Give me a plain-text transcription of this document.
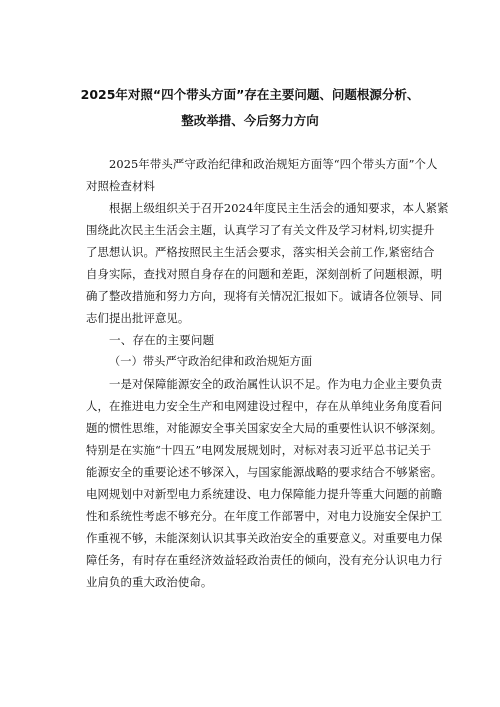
2025年对照“四个带头方面”存在主要问题、问题根源分析、
整改举措、今后努力方向
2025年带头严守政治纪律和政治规矩方面等“四个带头方面”个人
对照检查材料
根据上级组织关于召开2024年度民主生活会的通知要求，本人紧紧
围绕此次民主生活会主题，认真学习了有关文件及学习材料,切实提升
了思想认识。严格按照民主生活会要求，落实相关会前工作,紧密结合
自身实际，查找对照自身存在的问题和差距，深刻剖析了问题根源，明
确了整改措施和努力方向，现将有关情况汇报如下。诚请各位领导、同
志们提出批评意见。
一、存在的主要问题
（一）带头严守政治纪律和政治规矩方面
一是对保障能源安全的政治属性认识不足。作为电力企业主要负责
人，在推进电力安全生产和电网建设过程中，存在从单纯业务角度看问
题的惯性思维，对能源安全事关国家安全大局的重要性认识不够深刻。
特别是在实施“十四五”电网发展规划时，对标对表习近平总书记关于
能源安全的重要论述不够深入，与国家能源战略的要求结合不够紧密。
电网规划中对新型电力系统建设、电力保障能力提升等重大问题的前瞻
性和系统性考虑不够充分。在年度工作部署中，对电力设施安全保护工
作重视不够，未能深刻认识其事关政治安全的重要意义。对重要电力保
障任务，有时存在重经济效益轻政治责任的倾向，没有充分认识电力行
业肩负的重大政治使命。
